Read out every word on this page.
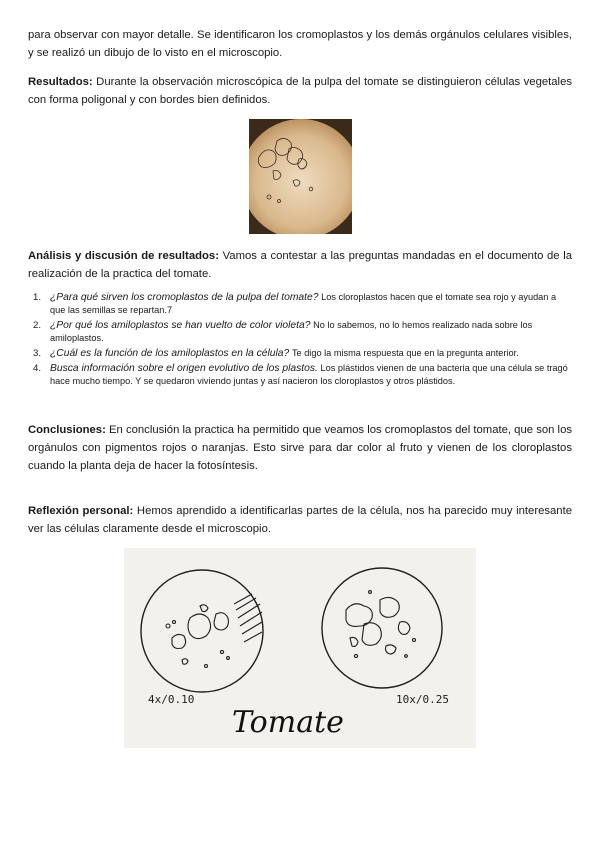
para observar con mayor detalle. Se identificaron los cromoplastos y los demás orgánulos celulares visibles, y se realizó un dibujo de lo visto en el microscopio.

Resultados: Durante la observación microscópica de la pulpa del tomate se distinguieron células vegetales con forma poligonal y con bordes bien definidos.

Análisis y discusión de resultados: Vamos a contestar a las preguntas mandadas en el documento de la realización de la practica del tomate.

1. ¿Para qué sirven los cromoplastos de la pulpa del tomate? Los cloroplastos hacen que el tomate sea rojo y ayudan a que las semillas se repartan.7
2. ¿Por qué los amiloplastos se han vuelto de color violeta? No lo sabemos, no lo hemos realizado nada sobre los amiloplastos.
3. ¿Cuál es la función de los amiloplastos en la célula? Te digo la misma respuesta que en la pregunta anterior.
4. Busca información sobre el origen evolutivo de los plastos. Los plástidos vienen de una bacteria que una célula se tragó hace mucho tiempo. Y se quedaron viviendo juntas y así nacieron los cloroplastos y otros plástidos.

Conclusiones: En conclusión la practica ha permitido que veamos los cromoplastos del tomate, que son los orgánulos con pigmentos rojos o naranjas. Esto sirve para dar color al fruto y vienen de los cloroplastos cuando la planta deja de hacer la fotosíntesis.

Reflexión personal: Hemos aprendido a identificarlas partes de la célula, nos ha parecido muy interesante ver las células claramente desde el microscopio.

4x/0.10	10x/0.25
Tomate
